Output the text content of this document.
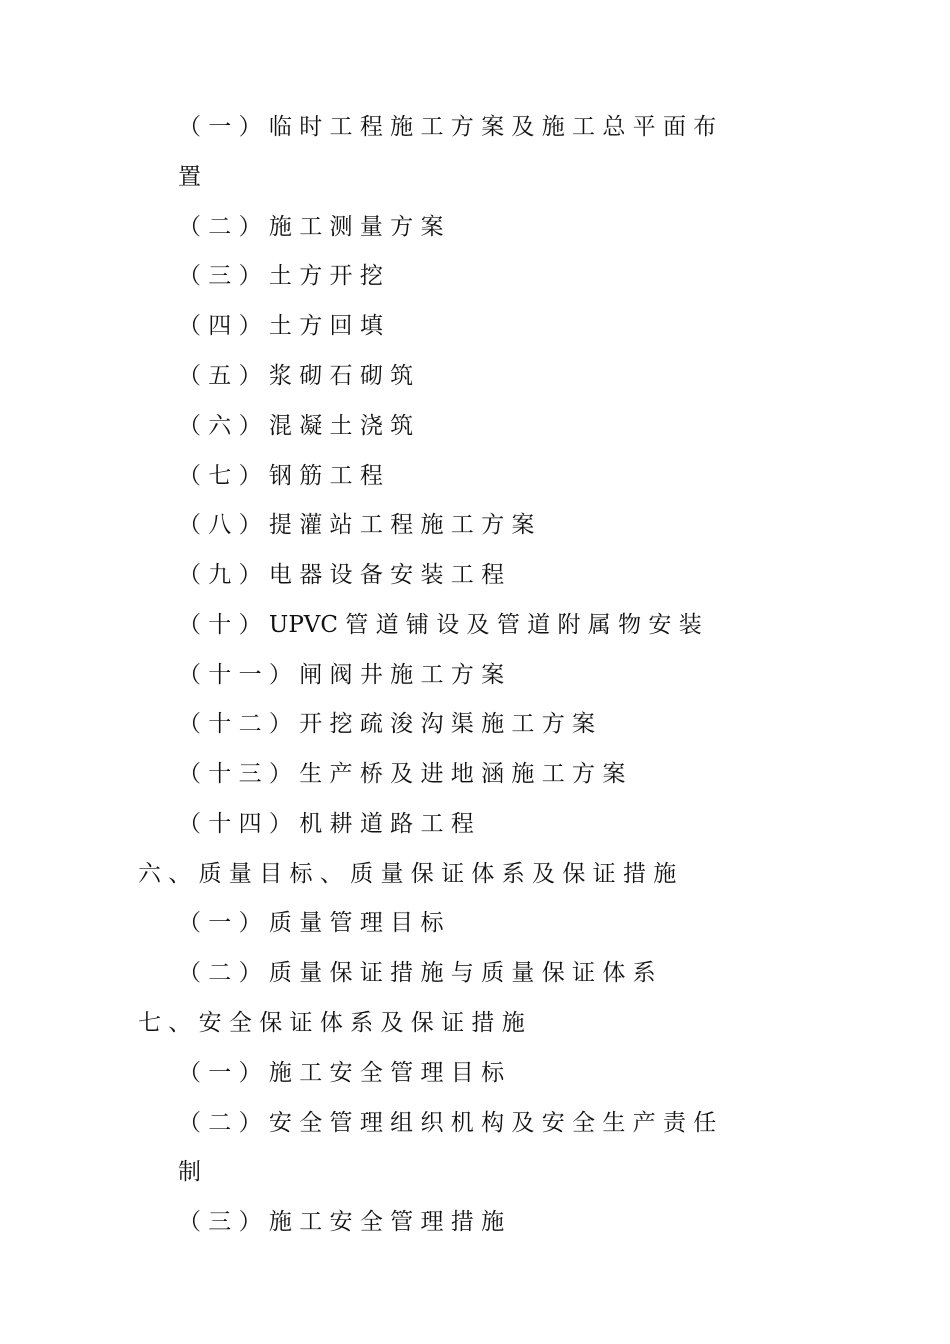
（ 一 ） 临 时 工 程 施 工 方 案 及 施 工 总 平 面 布
置
（ 二 ） 施 工 测 量 方 案
（ 三 ） 土 方 开 挖
（ 四 ） 土 方 回 填
（ 五 ） 浆 砌 石 砌 筑
（ 六 ） 混 凝 土 浇 筑
（ 七 ） 钢 筋 工 程
（ 八 ） 提 灌 站 工 程 施 工 方 案
（ 九 ） 电 器 设 备 安 装 工 程
（ 十 ） UPVC 管 道 铺 设 及 管 道 附 属 物 安 装
（ 十 一 ） 闸 阀 井 施 工 方 案
（ 十 二 ） 开 挖 疏 浚 沟 渠 施 工 方 案
（ 十 三 ） 生 产 桥 及 进 地 涵 施 工 方 案
（ 十 四 ） 机 耕 道 路 工 程
六 、 质 量 目 标 、 质 量 保 证 体 系 及 保 证 措 施
（ 一 ） 质 量 管 理 目 标
（ 二 ） 质 量 保 证 措 施 与 质 量 保 证 体 系
七 、 安 全 保 证 体 系 及 保 证 措 施
（ 一 ） 施 工 安 全 管 理 目 标
（ 二 ） 安 全 管 理 组 织 机 构 及 安 全 生 产 责 任
制
（ 三 ） 施 工 安 全 管 理 措 施
